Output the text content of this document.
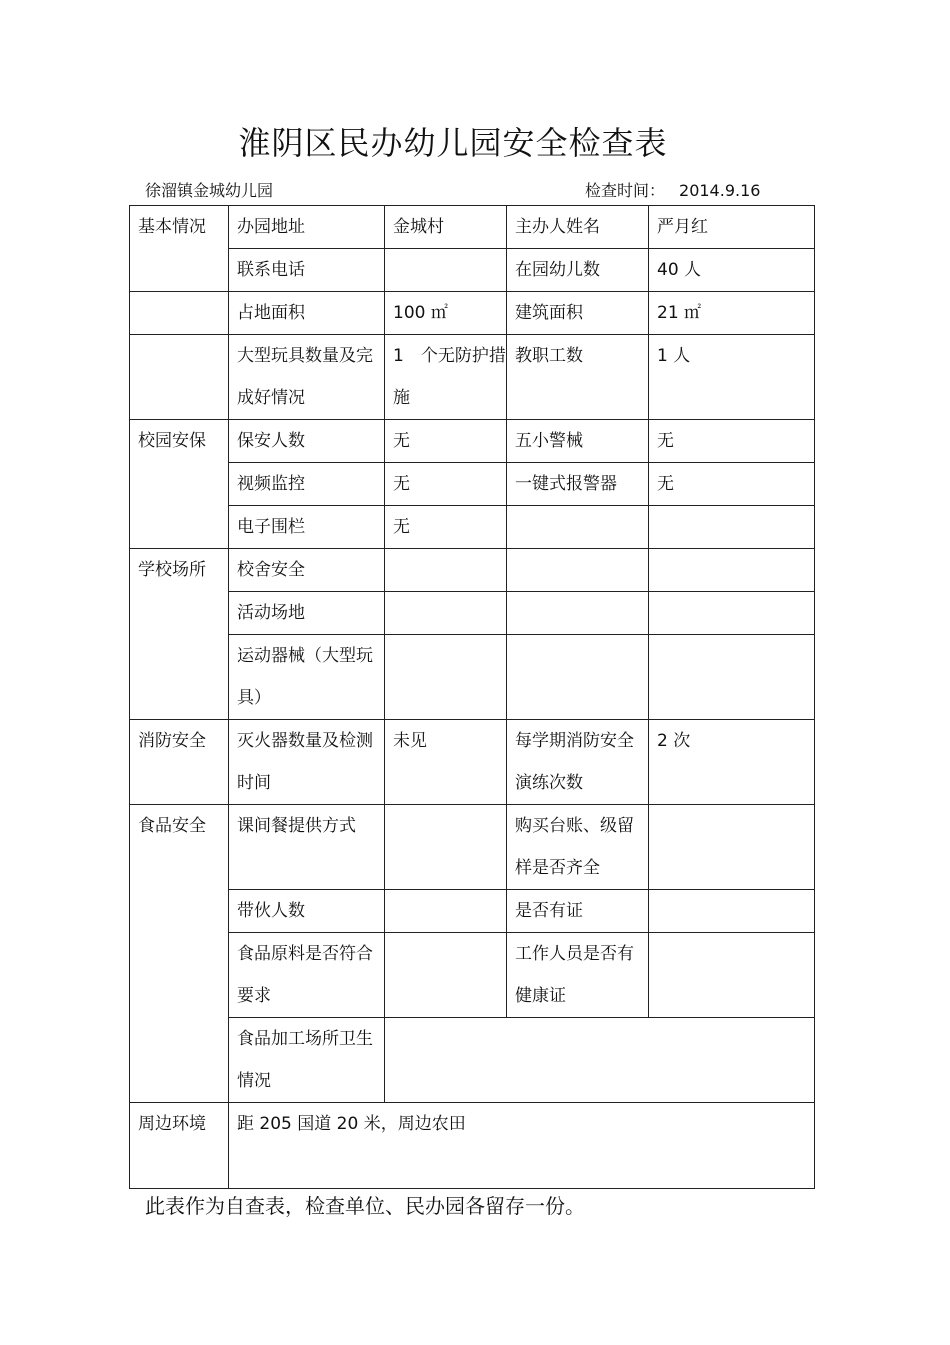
淮阴区民办幼儿园安全检查表
徐溜镇金城幼儿园	检查时间： 2014.9.16
基本情况	办园地址	金城村	主办人姓名	严月红
	联系电话		在园幼儿数	40 人
	占地面积	100 ㎡	建筑面积	21 ㎡
	大型玩具数量及完成好情况	1　个无防护措施	教职工数	1 人
校园安保	保安人数	无	五小警械	无
	视频监控	无	一键式报警器	无
	电子围栏	无		
学校场所	校舍安全			
	活动场地			
	运动器械（大型玩具）			
消防安全	灭火器数量及检测时间	未见	每学期消防安全演练次数	2 次
食品安全	课间餐提供方式		购买台账、级留样是否齐全	
	带伙人数		是否有证	
	食品原料是否符合要求		工作人员是否有健康证	
	食品加工场所卫生情况			
周边环境	距 205 国道 20 米，周边农田			
此表作为自查表，检查单位、民办园各留存一份。
